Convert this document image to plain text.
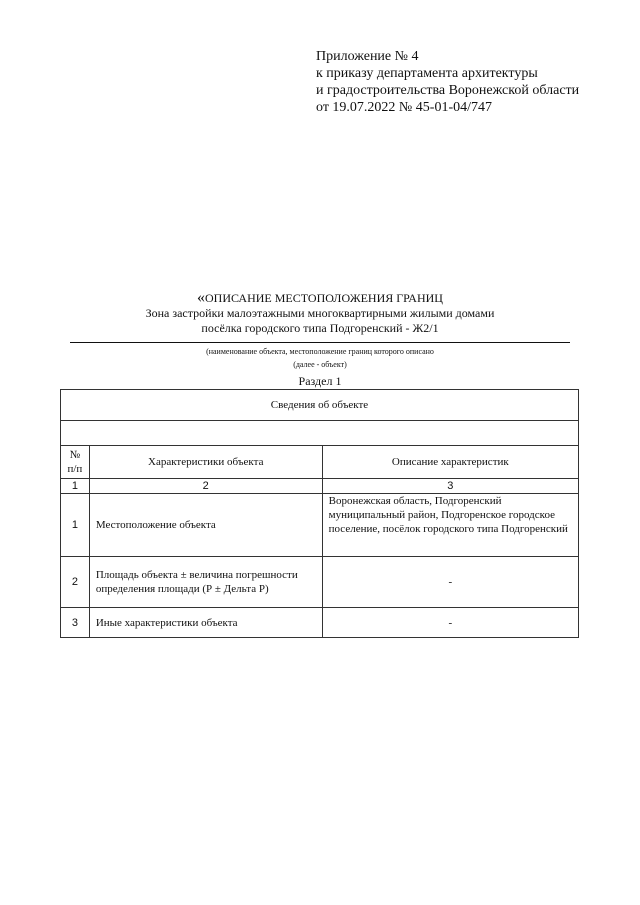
Приложение № 4
к приказу департамента архитектуры
и градостроительства Воронежской области
от 19.07.2022 № 45-01-04/747
«ОПИСАНИЕ МЕСТОПОЛОЖЕНИЯ ГРАНИЦ
Зона застройки малоэтажными многоквартирными жилыми домами
посёлка городского типа Подгоренский - Ж2/1
(наименование объекта, местоположение границ которого описано
(далее - объект)
Раздел 1
Сведения об объекте		

№ п/п	Характеристики объекта	Описание характеристик
1	2	3
1	Местоположение объекта	Воронежская область, Подгоренский муниципальный район, Подгоренское городское поселение, посёлок городского типа Подгоренский
2	Площадь объекта ± величина погрешности определения площади (Р ± Дельта Р)	-
3	Иные характеристики объекта	-
